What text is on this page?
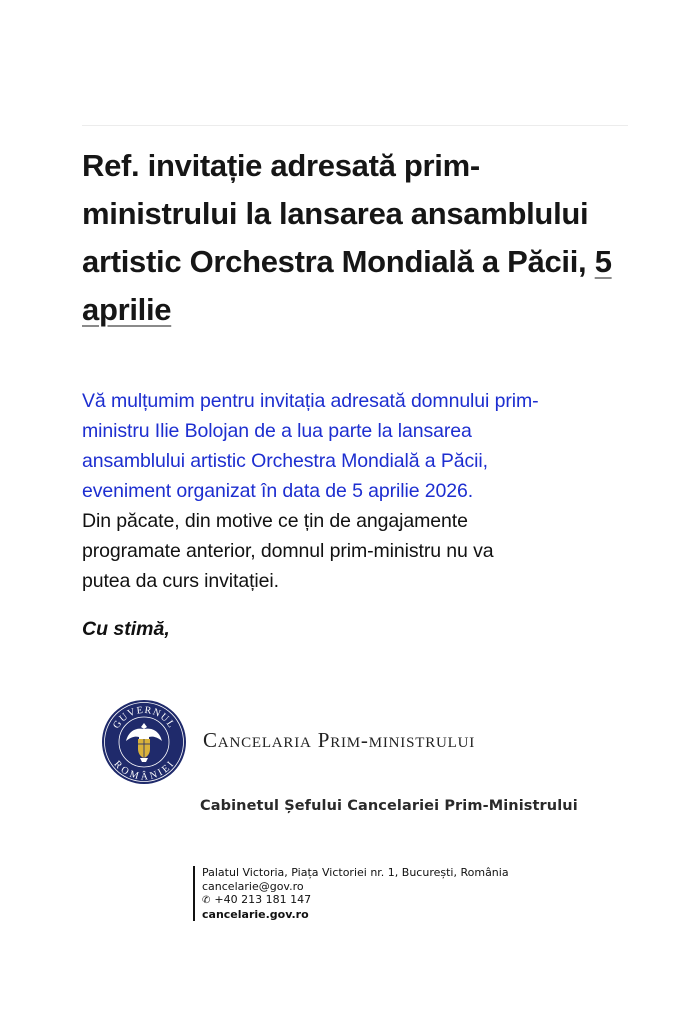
Ref. invitație adresată prim-
ministrului la lansarea ansamblului
artistic Orchestra Mondială a Păcii, 5
aprilie

Vă mulțumim pentru invitația adresată domnului prim-

ministru Ilie Bolojan de a lua parte la lansarea

ansamblului artistic Orchestra Mondială a Păcii,

eveniment organizat în data de 5 aprilie 2026.

Din păcate, din motive ce țin de angajamente

programate anterior, domnul prim-ministru nu va

putea da curs invitației.

Cu stimă,
GUVERNUL
ROMÂNIEI
Cancelaria Prim-ministrului
Cabinetul Șefului Cancelariei Prim-Ministrului
Palatul Victoria, Piața Victoriei nr. 1, București, România
cancelarie@gov.ro
✆ +40 213 181 147
cancelarie.gov.ro
